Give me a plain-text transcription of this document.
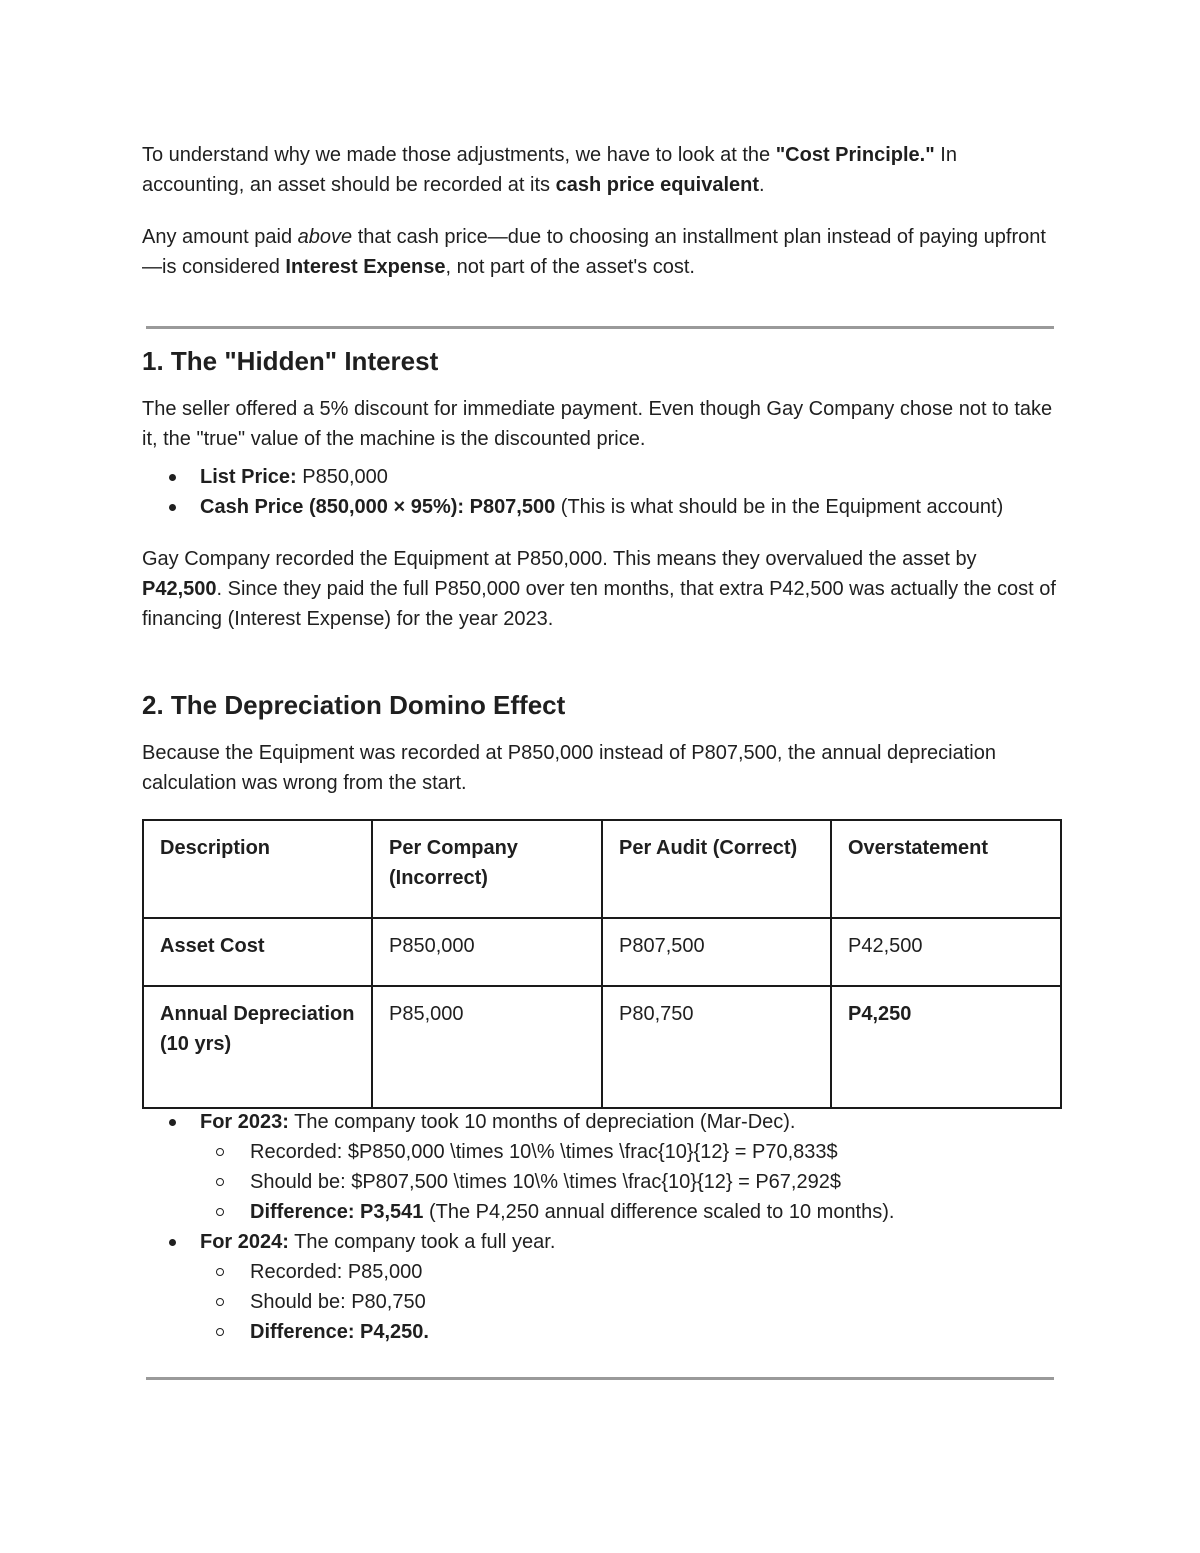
To understand why we made those adjustments, we have to look at the "Cost Principle." In accounting, an asset should be recorded at its cash price equivalent.

Any amount paid above that cash price—due to choosing an installment plan instead of paying upfront—is considered Interest Expense, not part of the asset's cost.

1. The "Hidden" Interest

The seller offered a 5% discount for immediate payment. Even though Gay Company chose not to take it, the "true" value of the machine is the discounted price.

List Price: P850,000
Cash Price (850,000 × 95%): P807,500 (This is what should be in the Equipment account)

Gay Company recorded the Equipment at P850,000. This means they overvalued the asset by P42,500. Since they paid the full P850,000 over ten months, that extra P42,500 was actually the cost of financing (Interest Expense) for the year 2023.

2. The Depreciation Domino Effect

Because the Equipment was recorded at P850,000 instead of P807,500, the annual depreciation calculation was wrong from the start.

Description	Per Company (Incorrect)	Per Audit (Correct)	Overstatement
Asset Cost	P850,000	P807,500	P42,500
Annual Depreciation (10 yrs)	P85,000	P80,750	P4,250
For 2023: The company took 10 months of depreciation (Mar-Dec).
Recorded: $P850,000 \times 10\% \times \frac{10}{12} = P70,833$
Should be: $P807,500 \times 10\% \times \frac{10}{12} = P67,292$
Difference: P3,541 (The P4,250 annual difference scaled to 10 months).
For 2024: The company took a full year.
Recorded: P85,000
Should be: P80,750
Difference: P4,250.
